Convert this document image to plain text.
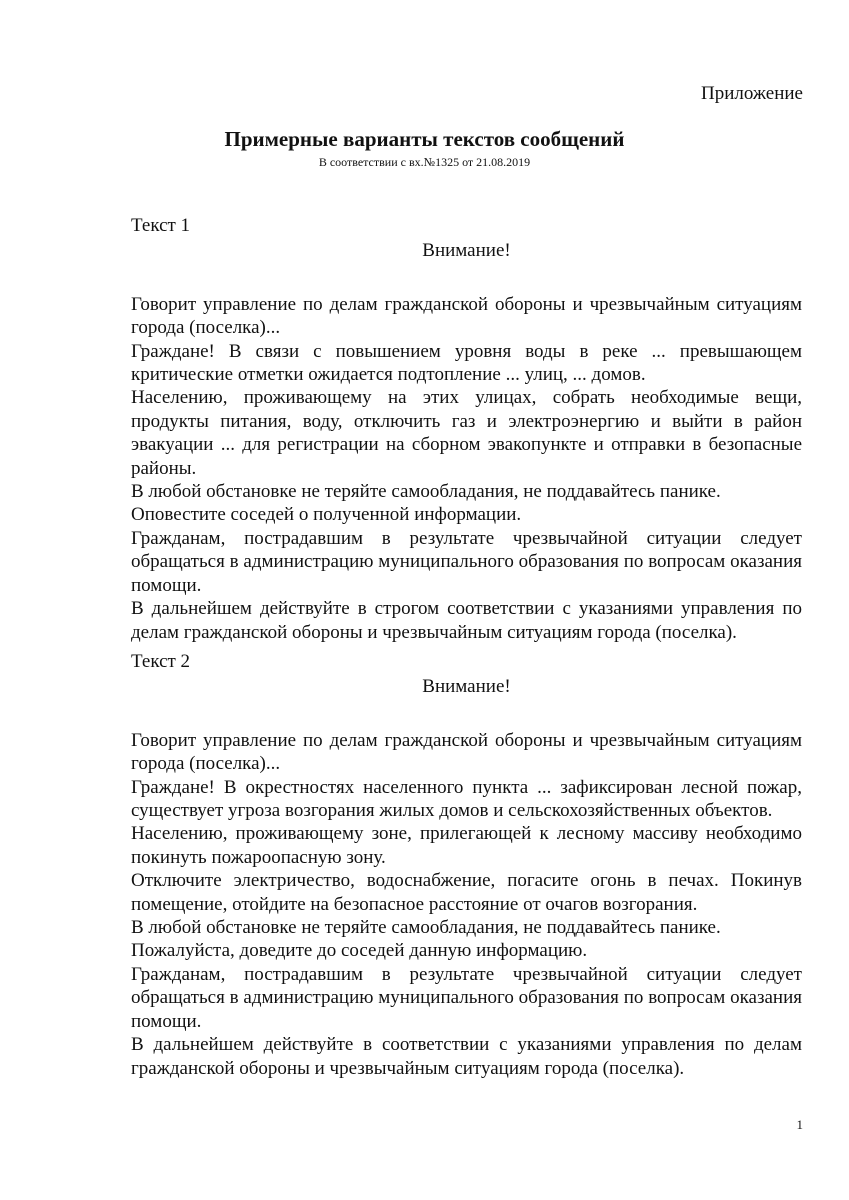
Приложение
Примерные варианты текстов сообщений
В соответствии с вх.№1325 от 21.08.2019
Текст 1
Внимание!

Говорит управление по делам гражданской обороны и чрезвычайным ситуациям города (поселка)...

Граждане! В связи с повышением уровня воды в реке ... превышающем критические отметки ожидается подтопление ... улиц, ... домов.

Населению, проживающему на этих улицах, собрать необходимые вещи, продукты питания, воду, отключить газ и электроэнергию и выйти в район эвакуации ... для регистрации на сборном эвакопункте и отправки в безопасные районы.

В любой обстановке не теряйте самообладания, не поддавайтесь панике.

Оповестите соседей о полученной информации.

Гражданам, пострадавшим в результате чрезвычайной ситуации следует обращаться в администрацию муниципального образования по вопросам оказания помощи.

В дальнейшем действуйте в строгом соответствии с указаниями управления по делам гражданской обороны и чрезвычайным ситуациям города (поселка).

Текст 2
Внимание!

Говорит управление по делам гражданской обороны и чрезвычайным ситуациям города (поселка)...

Граждане! В окрестностях населенного пункта ... зафиксирован лесной пожар, существует угроза возгорания жилых домов и сельскохозяйственных объектов.

Населению, проживающему зоне, прилегающей к лесному массиву необходимо покинуть пожароопасную зону.

Отключите электричество, водоснабжение, погасите огонь в печах. Покинув помещение, отойдите на безопасное расстояние от очагов возгорания.

В любой обстановке не теряйте самообладания, не поддавайтесь панике.

Пожалуйста, доведите до соседей данную информацию.

Гражданам, пострадавшим в результате чрезвычайной ситуации следует обращаться в администрацию муниципального образования по вопросам оказания помощи.

В дальнейшем действуйте в соответствии с указаниями управления по делам гражданской обороны и чрезвычайным ситуациям города (поселка).

1
